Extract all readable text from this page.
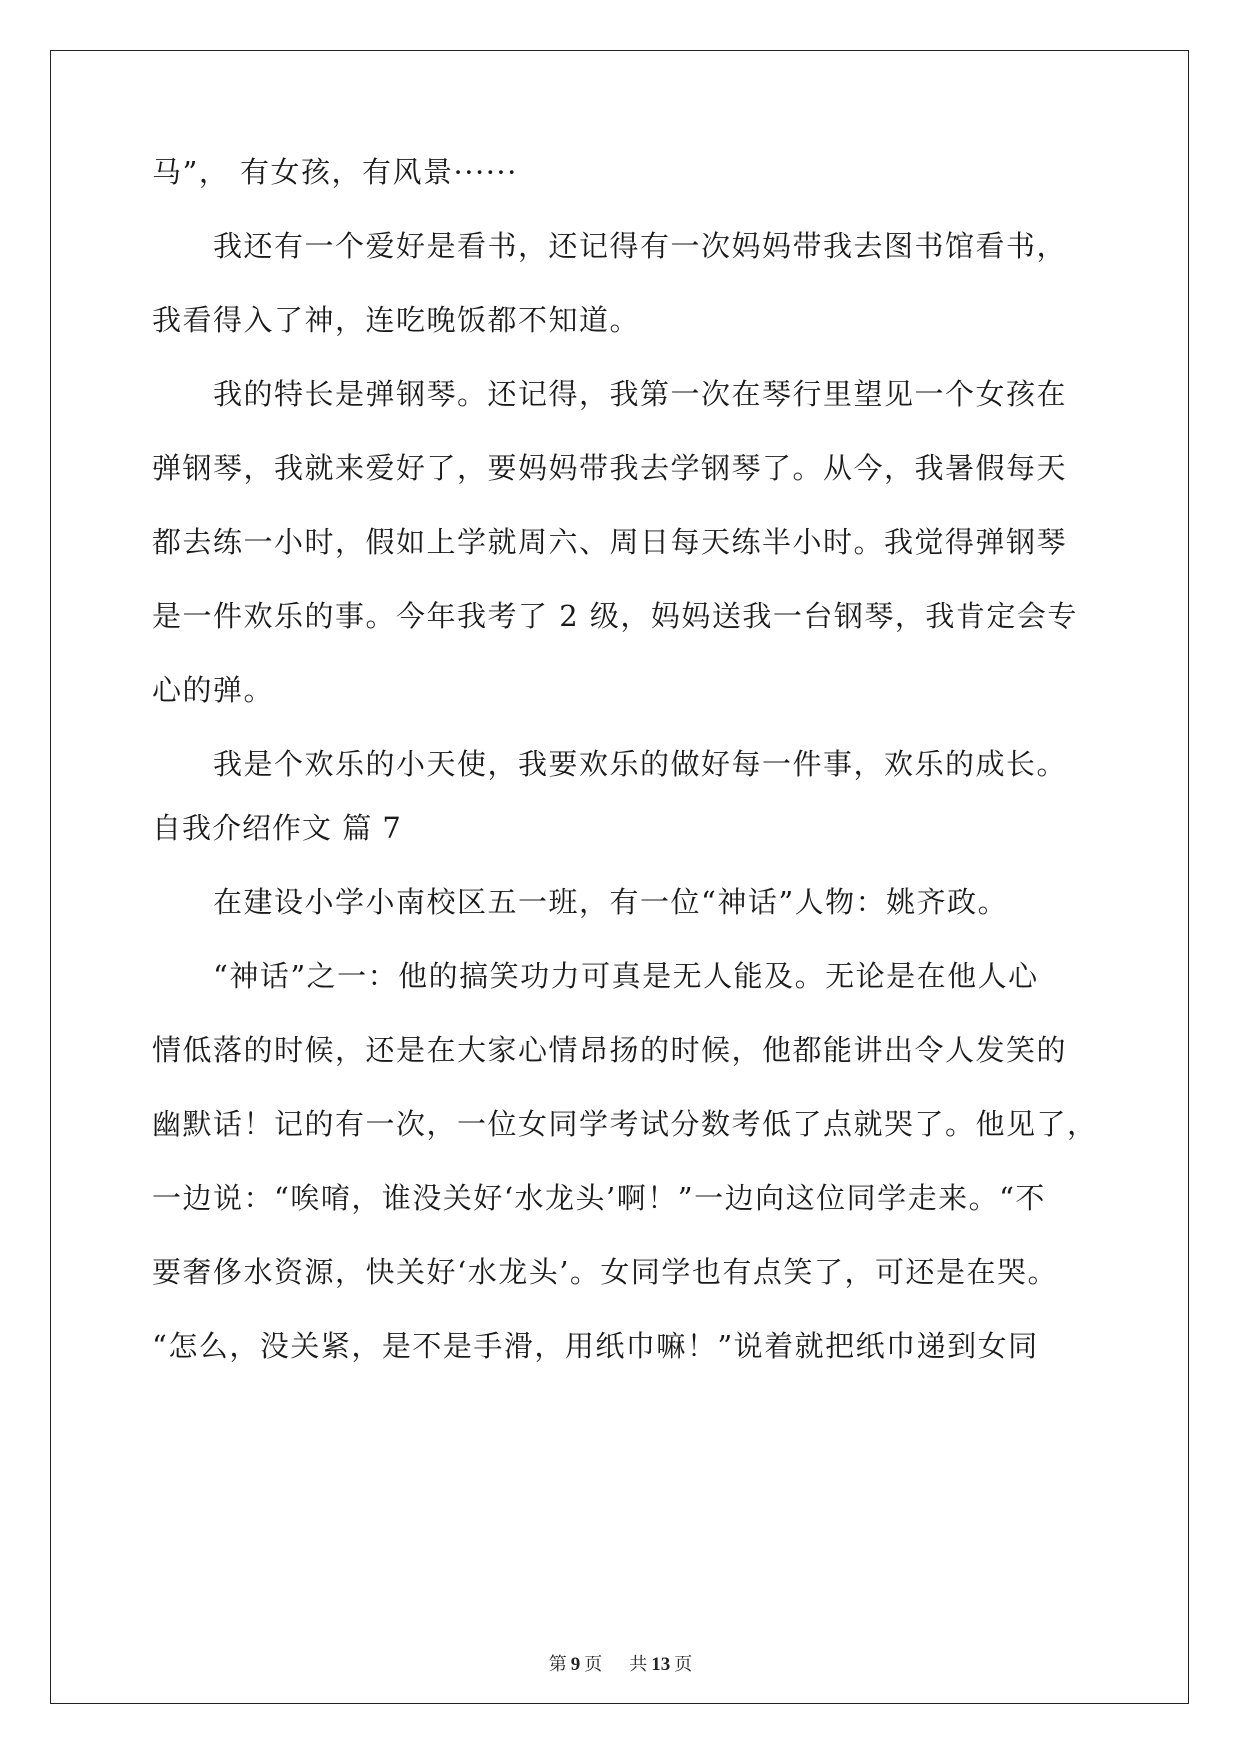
马”， 有女孩，有风景······
我还有一个爱好是看书，还记得有一次妈妈带我去图书馆看书，
我看得入了神，连吃晚饭都不知道。
我的特长是弹钢琴。还记得，我第一次在琴行里望见一个女孩在
弹钢琴，我就来爱好了，要妈妈带我去学钢琴了。从今，我暑假每天
都去练一小时，假如上学就周六、周日每天练半小时。我觉得弹钢琴
是一件欢乐的事。今年我考了 2 级，妈妈送我一台钢琴，我肯定会专
心的弹。
我是个欢乐的小天使，我要欢乐的做好每一件事，欢乐的成长。
自我介绍作文 篇 7
在建设小学小南校区五一班，有一位“神话”人物：姚齐政。
“神话”之一：他的搞笑功力可真是无人能及。无论是在他人心
情低落的时候，还是在大家心情昂扬的时候，他都能讲出令人发笑的
幽默话！记的有一次，一位女同学考试分数考低了点就哭了。他见了，
一边说：“唉唷，谁没关好‘水龙头’啊！”一边向这位同学走来。“不
要奢侈水资源，快关好‘水龙头’。女同学也有点笑了，可还是在哭。
“怎么，没关紧，是不是手滑，用纸巾嘛！”说着就把纸巾递到女同
第 9 页 共 13 页
